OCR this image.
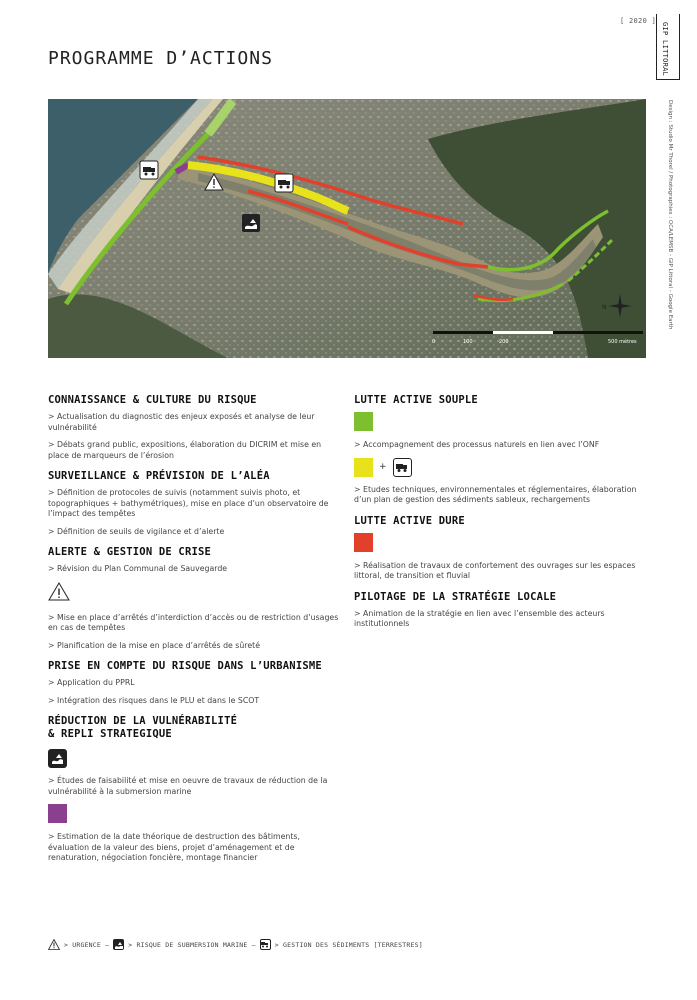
[ 2020 ]
GIP LITTORAL
Design : Studio Mr Thorel / Photographies : OCA/LEMSB - GIP Littoral - Google Earth
PROGRAMME D’ACTIONS
N
0	100	200	500 mètres
CONNAISSANCE & CULTURE DU RISQUE

> Actualisation du diagnostic des enjeux exposés et analyse de leur vulnérabilité

> Débats grand public, expositions, élaboration du DICRIM et mise en place de marqueurs de l’érosion

SURVEILLANCE & PRÉVISION DE L’ALÉA

> Définition de protocoles de suivis (notamment suivis photo, et topographiques + bathymétriques), mise en place d’un observatoire de l’impact des tempêtes

> Définition de seuils de vigilance et d’alerte

ALERTE & GESTION DE CRISE

> Révision du Plan Communal de Sauvegarde

> Mise en place d’arrêtés d’interdiction d’accès ou de restriction d’usages en cas de tempêtes

> Planification de la mise en place d’arrêtés de sûreté

PRISE EN COMPTE DU RISQUE DANS L’URBANISME

> Application du PPRL

> Intégration des risques dans le PLU et dans le SCOT

RÉDUCTION DE LA VULNÉRABILITÉ
& REPLI STRATEGIQUE

> Études de faisabilité et mise en oeuvre de travaux de réduction de la vulnérabilité à la submersion marine

> Estimation de la date théorique de destruction des bâtiments, évaluation de la valeur des biens, projet d’aménagement et de renaturation, négociation foncière, montage financier

LUTTE ACTIVE SOUPLE

> Accompagnement des processus naturels en lien avec l’ONF

+

> Etudes techniques, environnementales et réglementaires, élaboration d’un plan de gestion des sédiments sableux, rechargements

LUTTE ACTIVE DURE

> Réalisation de travaux de confortement des ouvrages sur les espaces littoral, de transition et fluvial

PILOTAGE DE LA STRATÉGIE LOCALE

> Animation de la stratégie en lien avec l’ensemble des acteurs institutionnels

> URGENCE —	> RISQUE DE SUBMERSION MARINE —	> GESTION DES SÉDIMENTS [TERRESTRES]
